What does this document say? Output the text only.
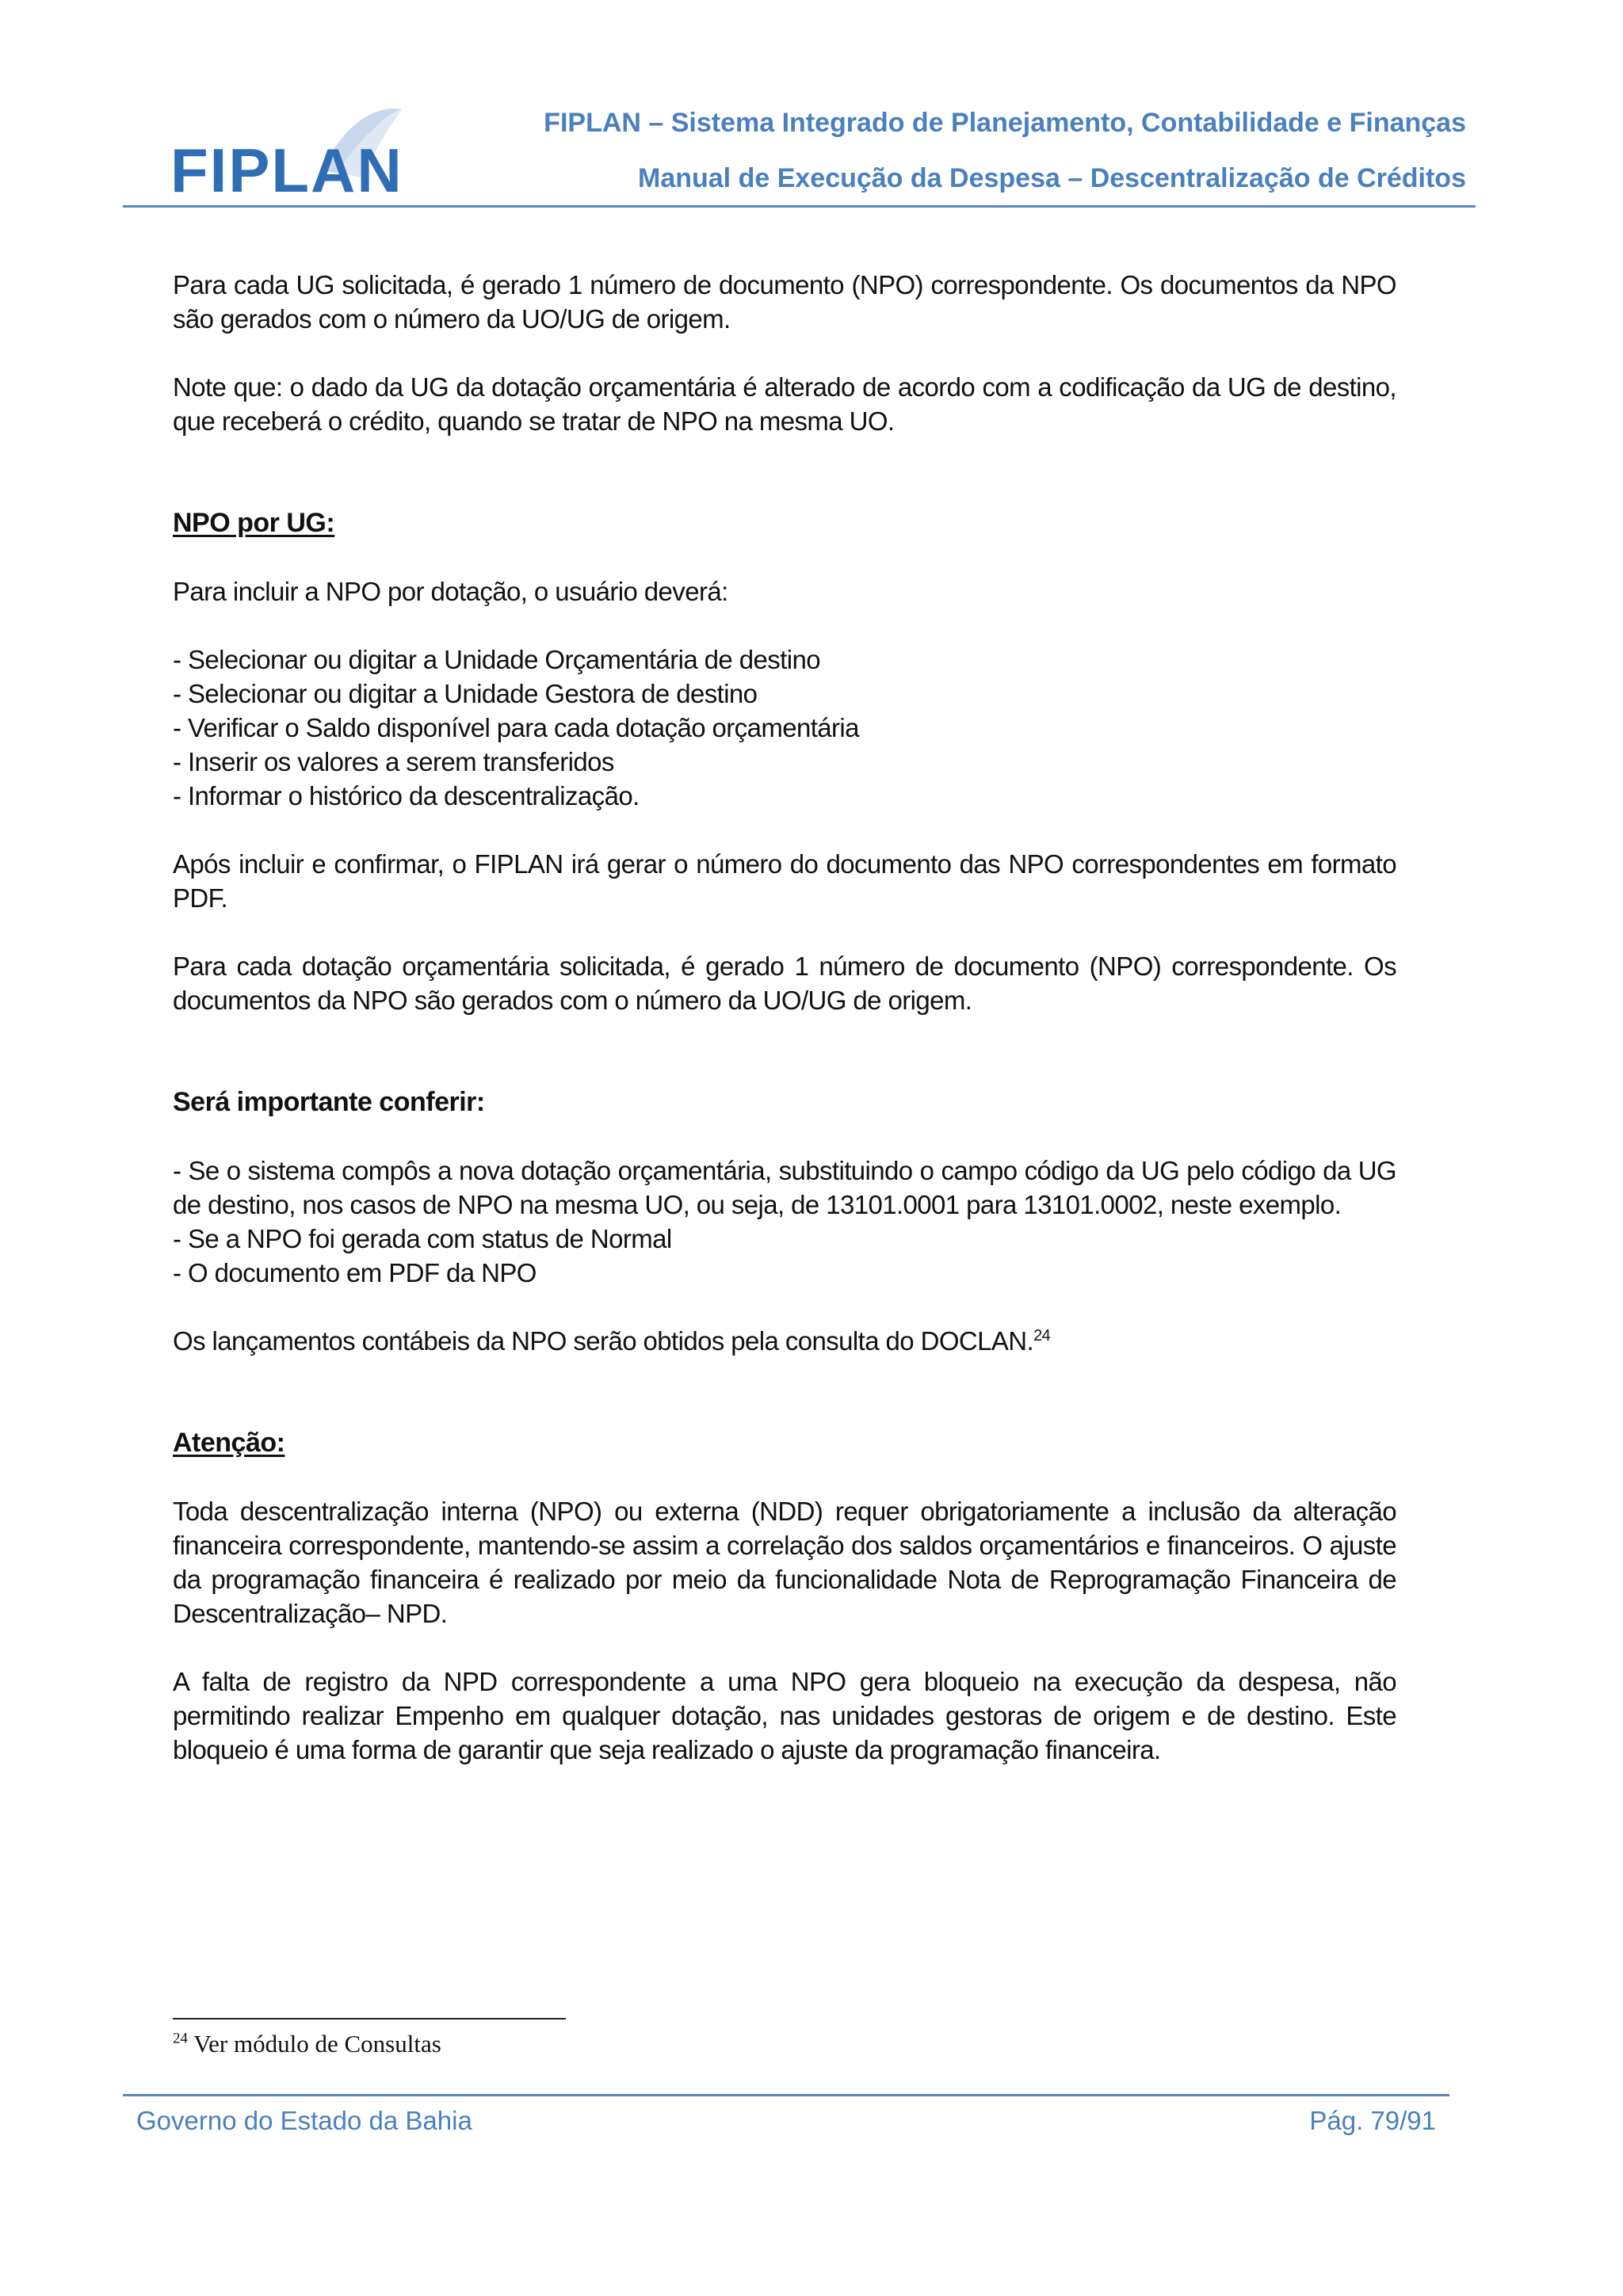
FIPLAN
FIPLAN – Sistema Integrado de Planejamento, Contabilidade e Finanças
Manual de Execução da Despesa – Descentralização de Créditos

Para cada UG solicitada, é gerado 1 número de documento (NPO) correspondente. Os documentos da NPO são gerados com o número da UO/UG de origem.

Note que: o dado da UG da dotação orçamentária é alterado de acordo com a codificação da UG de destino, que receberá o crédito, quando se tratar de NPO na mesma UO.

NPO por UG:

Para incluir a NPO por dotação, o usuário deverá:

- Selecionar ou digitar a Unidade Orçamentária de destino
- Selecionar ou digitar a Unidade Gestora de destino
- Verificar o Saldo disponível para cada dotação orçamentária
- Inserir os valores a serem transferidos
- Informar o histórico da descentralização.

Após incluir e confirmar, o FIPLAN irá gerar o número do documento das NPO correspondentes em formato PDF.

Para cada dotação orçamentária solicitada, é gerado 1 número de documento (NPO) correspondente. Os documentos da NPO são gerados com o número da UO/UG de origem.

Será importante conferir:

- Se o sistema compôs a nova dotação orçamentária, substituindo o campo código da UG pelo código da UG de destino, nos casos de NPO na mesma UO, ou seja, de 13101.0001 para 13101.0002, neste exemplo.

- Se a NPO foi gerada com status de Normal
- O documento em PDF da NPO

Os lançamentos contábeis da NPO serão obtidos pela consulta do DOCLAN.$^{24}$

Atenção:

Toda descentralização interna (NPO) ou externa (NDD) requer obrigatoriamente a inclusão da alteração financeira correspondente, mantendo-se assim a correlação dos saldos orçamentários e financeiros. O ajuste da programação financeira é realizado por meio da funcionalidade Nota de Reprogramação Financeira de Descentralização– NPD.

A falta de registro da NPD correspondente a uma NPO gera bloqueio na execução da despesa, não permitindo realizar Empenho em qualquer dotação, nas unidades gestoras de origem e de destino. Este bloqueio é uma forma de garantir que seja realizado o ajuste da programação financeira.

$^{24}$ Ver módulo de Consultas
Governo do Estado da Bahia	Pág. 79/91
